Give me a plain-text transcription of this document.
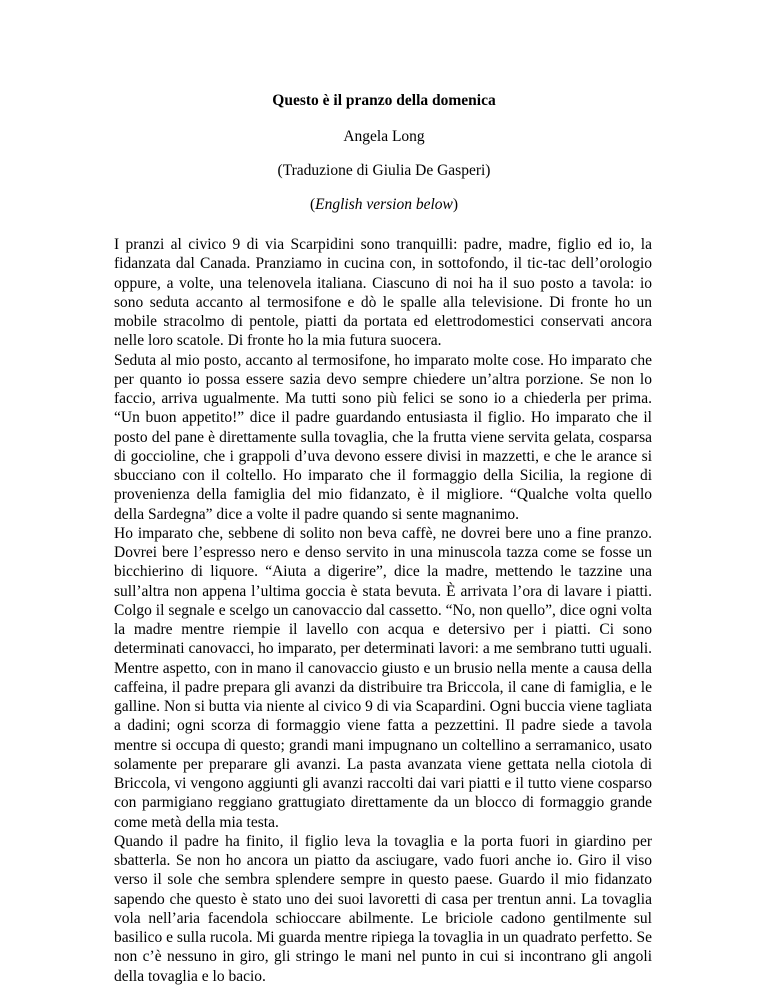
Questo è il pranzo della domenica
Angela Long
(Traduzione di Giulia De Gasperi)
(English version below)

I pranzi al civico 9 di via Scarpidini sono tranquilli: padre, madre, figlio ed io, la fidanzata dal Canada. Pranziamo in cucina con, in sottofondo, il tic-tac dell’orologio oppure, a volte, una telenovela italiana. Ciascuno di noi ha il suo posto a tavola: io sono seduta accanto al termosifone e dò le spalle alla televisione. Di fronte ho un mobile stracolmo di pentole, piatti da portata ed elettrodomestici conservati ancora nelle loro scatole. Di fronte ho la mia futura suocera.

Seduta al mio posto, accanto al termosifone, ho imparato molte cose. Ho imparato che per quanto io possa essere sazia devo sempre chiedere un’altra porzione. Se non lo faccio, arriva ugualmente. Ma tutti sono più felici se sono io a chiederla per prima. “Un buon appetito!” dice il padre guardando entusiasta il figlio. Ho imparato che il posto del pane è direttamente sulla tovaglia, che la frutta viene servita gelata, cosparsa di goccioline, che i grappoli d’uva devono essere divisi in mazzetti, e che le arance si sbucciano con il coltello. Ho imparato che il formaggio della Sicilia, la regione di provenienza della famiglia del mio fidanzato, è il migliore. “Qualche volta quello della Sardegna” dice a volte il padre quando si sente magnanimo.

Ho imparato che, sebbene di solito non beva caffè, ne dovrei bere uno a fine pranzo. Dovrei bere l’espresso nero e denso servito in una minuscola tazza come se fosse un bicchierino di liquore. “Aiuta a digerire”, dice la madre, mettendo le tazzine una sull’altra non appena l’ultima goccia è stata bevuta. È arrivata l’ora di lavare i piatti. Colgo il segnale e scelgo un canovaccio dal cassetto. “No, non quello”, dice ogni volta la madre mentre riempie il lavello con acqua e detersivo per i piatti. Ci sono determinati canovacci, ho imparato, per determinati lavori: a me sembrano tutti uguali.

Mentre aspetto, con in mano il canovaccio giusto e un brusio nella mente a causa della caffeina, il padre prepara gli avanzi da distribuire tra Briccola, il cane di famiglia, e le galline. Non si butta via niente al civico 9 di via Scapardini. Ogni buccia viene tagliata a dadini; ogni scorza di formaggio viene fatta a pezzettini. Il padre siede a tavola mentre si occupa di questo; grandi mani impugnano un coltellino a serramanico, usato solamente per preparare gli avanzi. La pasta avanzata viene gettata nella ciotola di Briccola, vi vengono aggiunti gli avanzi raccolti dai vari piatti e il tutto viene cosparso con parmigiano reggiano grattugiato direttamente da un blocco di formaggio grande come metà della mia testa.

Quando il padre ha finito, il figlio leva la tovaglia e la porta fuori in giardino per sbatterla. Se non ho ancora un piatto da asciugare, vado fuori anche io. Giro il viso verso il sole che sembra splendere sempre in questo paese. Guardo il mio fidanzato sapendo che questo è stato uno dei suoi lavoretti di casa per trentun anni. La tovaglia vola nell’aria facendola schioccare abilmente. Le briciole cadono gentilmente sul basilico e sulla rucola. Mi guarda mentre ripiega la tovaglia in un quadrato perfetto. Se non c’è nessuno in giro, gli stringo le mani nel punto in cui si incontrano gli angoli della tovaglia e lo bacio.
